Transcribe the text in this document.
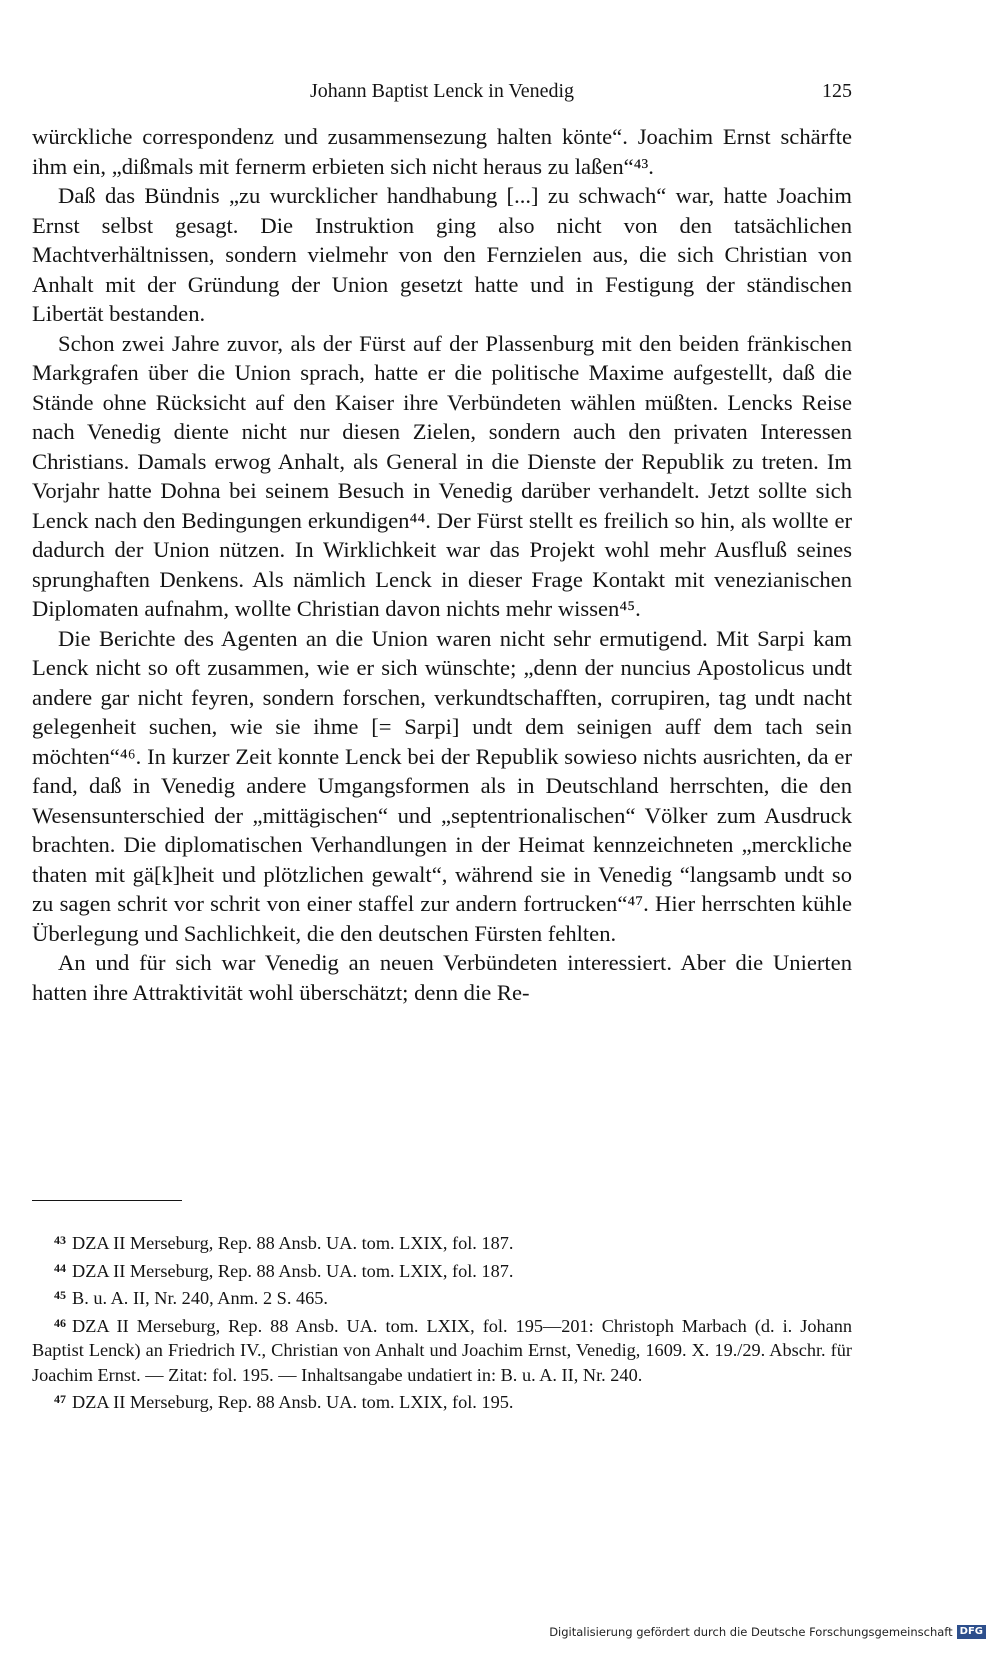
Johann Baptist Lenck in Venedig	125

würckliche correspondenz und zusammensezung halten könte“. Joachim Ernst schärfte ihm ein, „dißmals mit fernerm erbieten sich nicht heraus zu laßen“⁴³.

Daß das Bündnis „zu wurcklicher handhabung [...] zu schwach“ war, hatte Joachim Ernst selbst gesagt. Die Instruktion ging also nicht von den tatsächlichen Machtverhältnissen, sondern vielmehr von den Fernzielen aus, die sich Christian von Anhalt mit der Gründung der Union gesetzt hatte und in Festigung der ständischen Libertät bestanden.

Schon zwei Jahre zuvor, als der Fürst auf der Plassenburg mit den beiden fränkischen Markgrafen über die Union sprach, hatte er die politische Maxime aufgestellt, daß die Stände ohne Rücksicht auf den Kaiser ihre Verbündeten wählen müßten. Lencks Reise nach Venedig diente nicht nur diesen Zielen, sondern auch den privaten Interessen Christians. Damals erwog Anhalt, als General in die Dienste der Republik zu treten. Im Vorjahr hatte Dohna bei seinem Besuch in Venedig darüber verhandelt. Jetzt sollte sich Lenck nach den Bedingungen erkundigen⁴⁴. Der Fürst stellt es freilich so hin, als wollte er dadurch der Union nützen. In Wirklichkeit war das Projekt wohl mehr Ausfluß seines sprunghaften Denkens. Als nämlich Lenck in dieser Frage Kontakt mit venezianischen Diplomaten aufnahm, wollte Christian davon nichts mehr wissen⁴⁵.

Die Berichte des Agenten an die Union waren nicht sehr ermutigend. Mit Sarpi kam Lenck nicht so oft zusammen, wie er sich wünschte; „denn der nuncius Apostolicus undt andere gar nicht feyren, sondern forschen, verkundtschafften, corrupiren, tag undt nacht gelegenheit suchen, wie sie ihme [= Sarpi] undt dem seinigen auff dem tach sein möchten“⁴⁶. In kurzer Zeit konnte Lenck bei der Republik sowieso nichts ausrichten, da er fand, daß in Venedig andere Umgangsformen als in Deutschland herrschten, die den Wesensunterschied der „mittägischen“ und „septentrionalischen“ Völker zum Ausdruck brachten. Die diplomatischen Verhandlungen in der Heimat kennzeichneten „merckliche thaten mit gä[k]heit und plötzlichen gewalt“, während sie in Venedig “langsamb undt so zu sagen schrit vor schrit von einer staffel zur andern fortrucken“⁴⁷. Hier herrschten kühle Überlegung und Sachlichkeit, die den deutschen Fürsten fehlten.

An und für sich war Venedig an neuen Verbündeten interessiert. Aber die Unierten hatten ihre Attraktivität wohl überschätzt; denn die Re-

$^{43}$ DZA II Merseburg, Rep. 88 Ansb. UA. tom. LXIX, fol. 187.

$^{44}$ DZA II Merseburg, Rep. 88 Ansb. UA. tom. LXIX, fol. 187.

$^{45}$ B. u. A. II, Nr. 240, Anm. 2 S. 465.

$^{46}$ DZA II Merseburg, Rep. 88 Ansb. UA. tom. LXIX, fol. 195—201: Christoph Marbach (d. i. Johann Baptist Lenck) an Friedrich IV., Christian von Anhalt und Joachim Ernst, Venedig, 1609. X. 19./29. Abschr. für Joachim Ernst. — Zitat: fol. 195. — Inhaltsangabe undatiert in: B. u. A. II, Nr. 240.

$^{47}$ DZA II Merseburg, Rep. 88 Ansb. UA. tom. LXIX, fol. 195.

Digitalisierung gefördert durch die Deutsche Forschungsgemeinschaft DFG
